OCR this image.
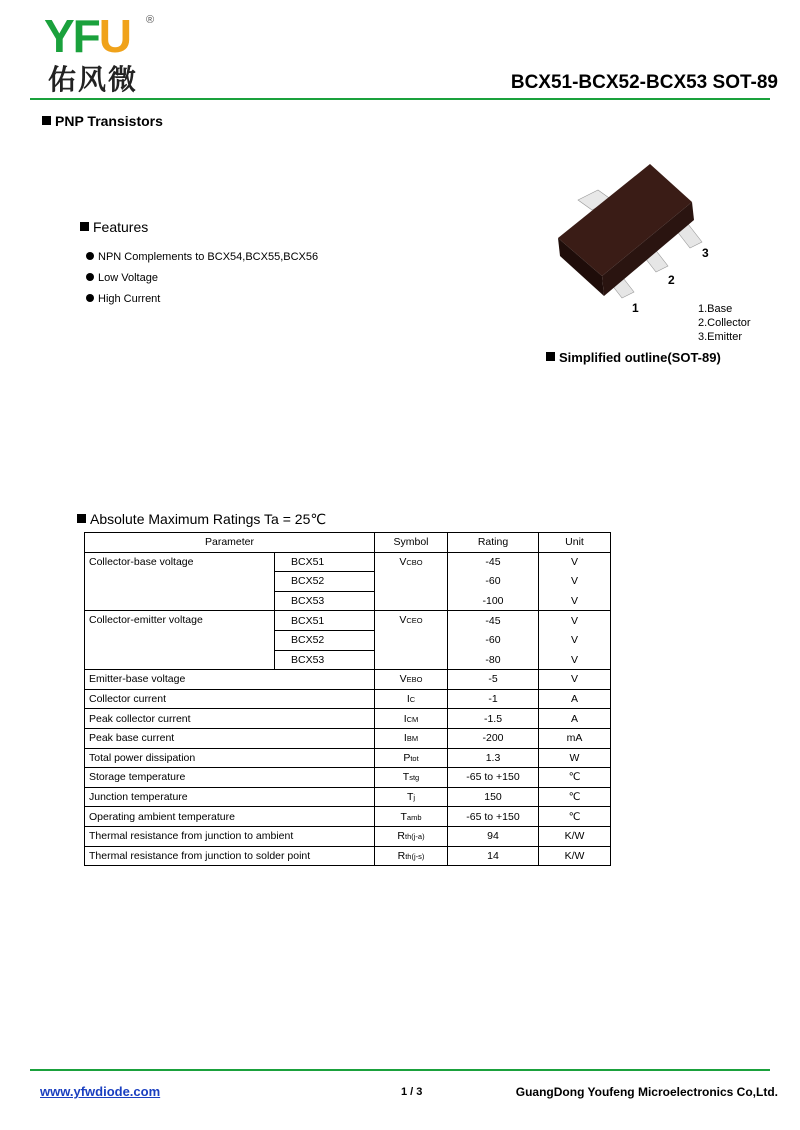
YFU ®
佑风微	BCX51-BCX52-BCX53 SOT-89
PNP Transistors
Features
NPN Complements to BCX54,BCX55,BCX56
Low Voltage
High Current
3
2
1	1.Base
2.Collector
3.Emitter
Simplified outline(SOT-89)
Absolute Maximum Ratings Ta = 25℃
Parameter		Symbol	Rating	Unit
Collector-base voltage	BCX51	VCBO	-45	V
	BCX52		-60	V
	BCX53		-100	V
Collector-emitter voltage	BCX51	VCEO	-45	V
	BCX52		-60	V
	BCX53		-80	V
Emitter-base voltage		VEBO	-5	V
Collector current		IC	-1	A
Peak collector current		ICM	-1.5	A
Peak base current		IBM	-200	mA
Total power dissipation		Ptot	1.3	W
Storage temperature		Tstg	-65 to +150	℃
Junction temperature		Tj	150	℃
Operating ambient temperature		Tamb	-65 to +150	℃
Thermal resistance from junction to ambient		Rth(j-a)	94	K/W
Thermal resistance from junction to solder point		Rth(j-s)	14	K/W
www.yfwdiode.com	1 / 3	GuangDong Youfeng Microelectronics Co,Ltd.
